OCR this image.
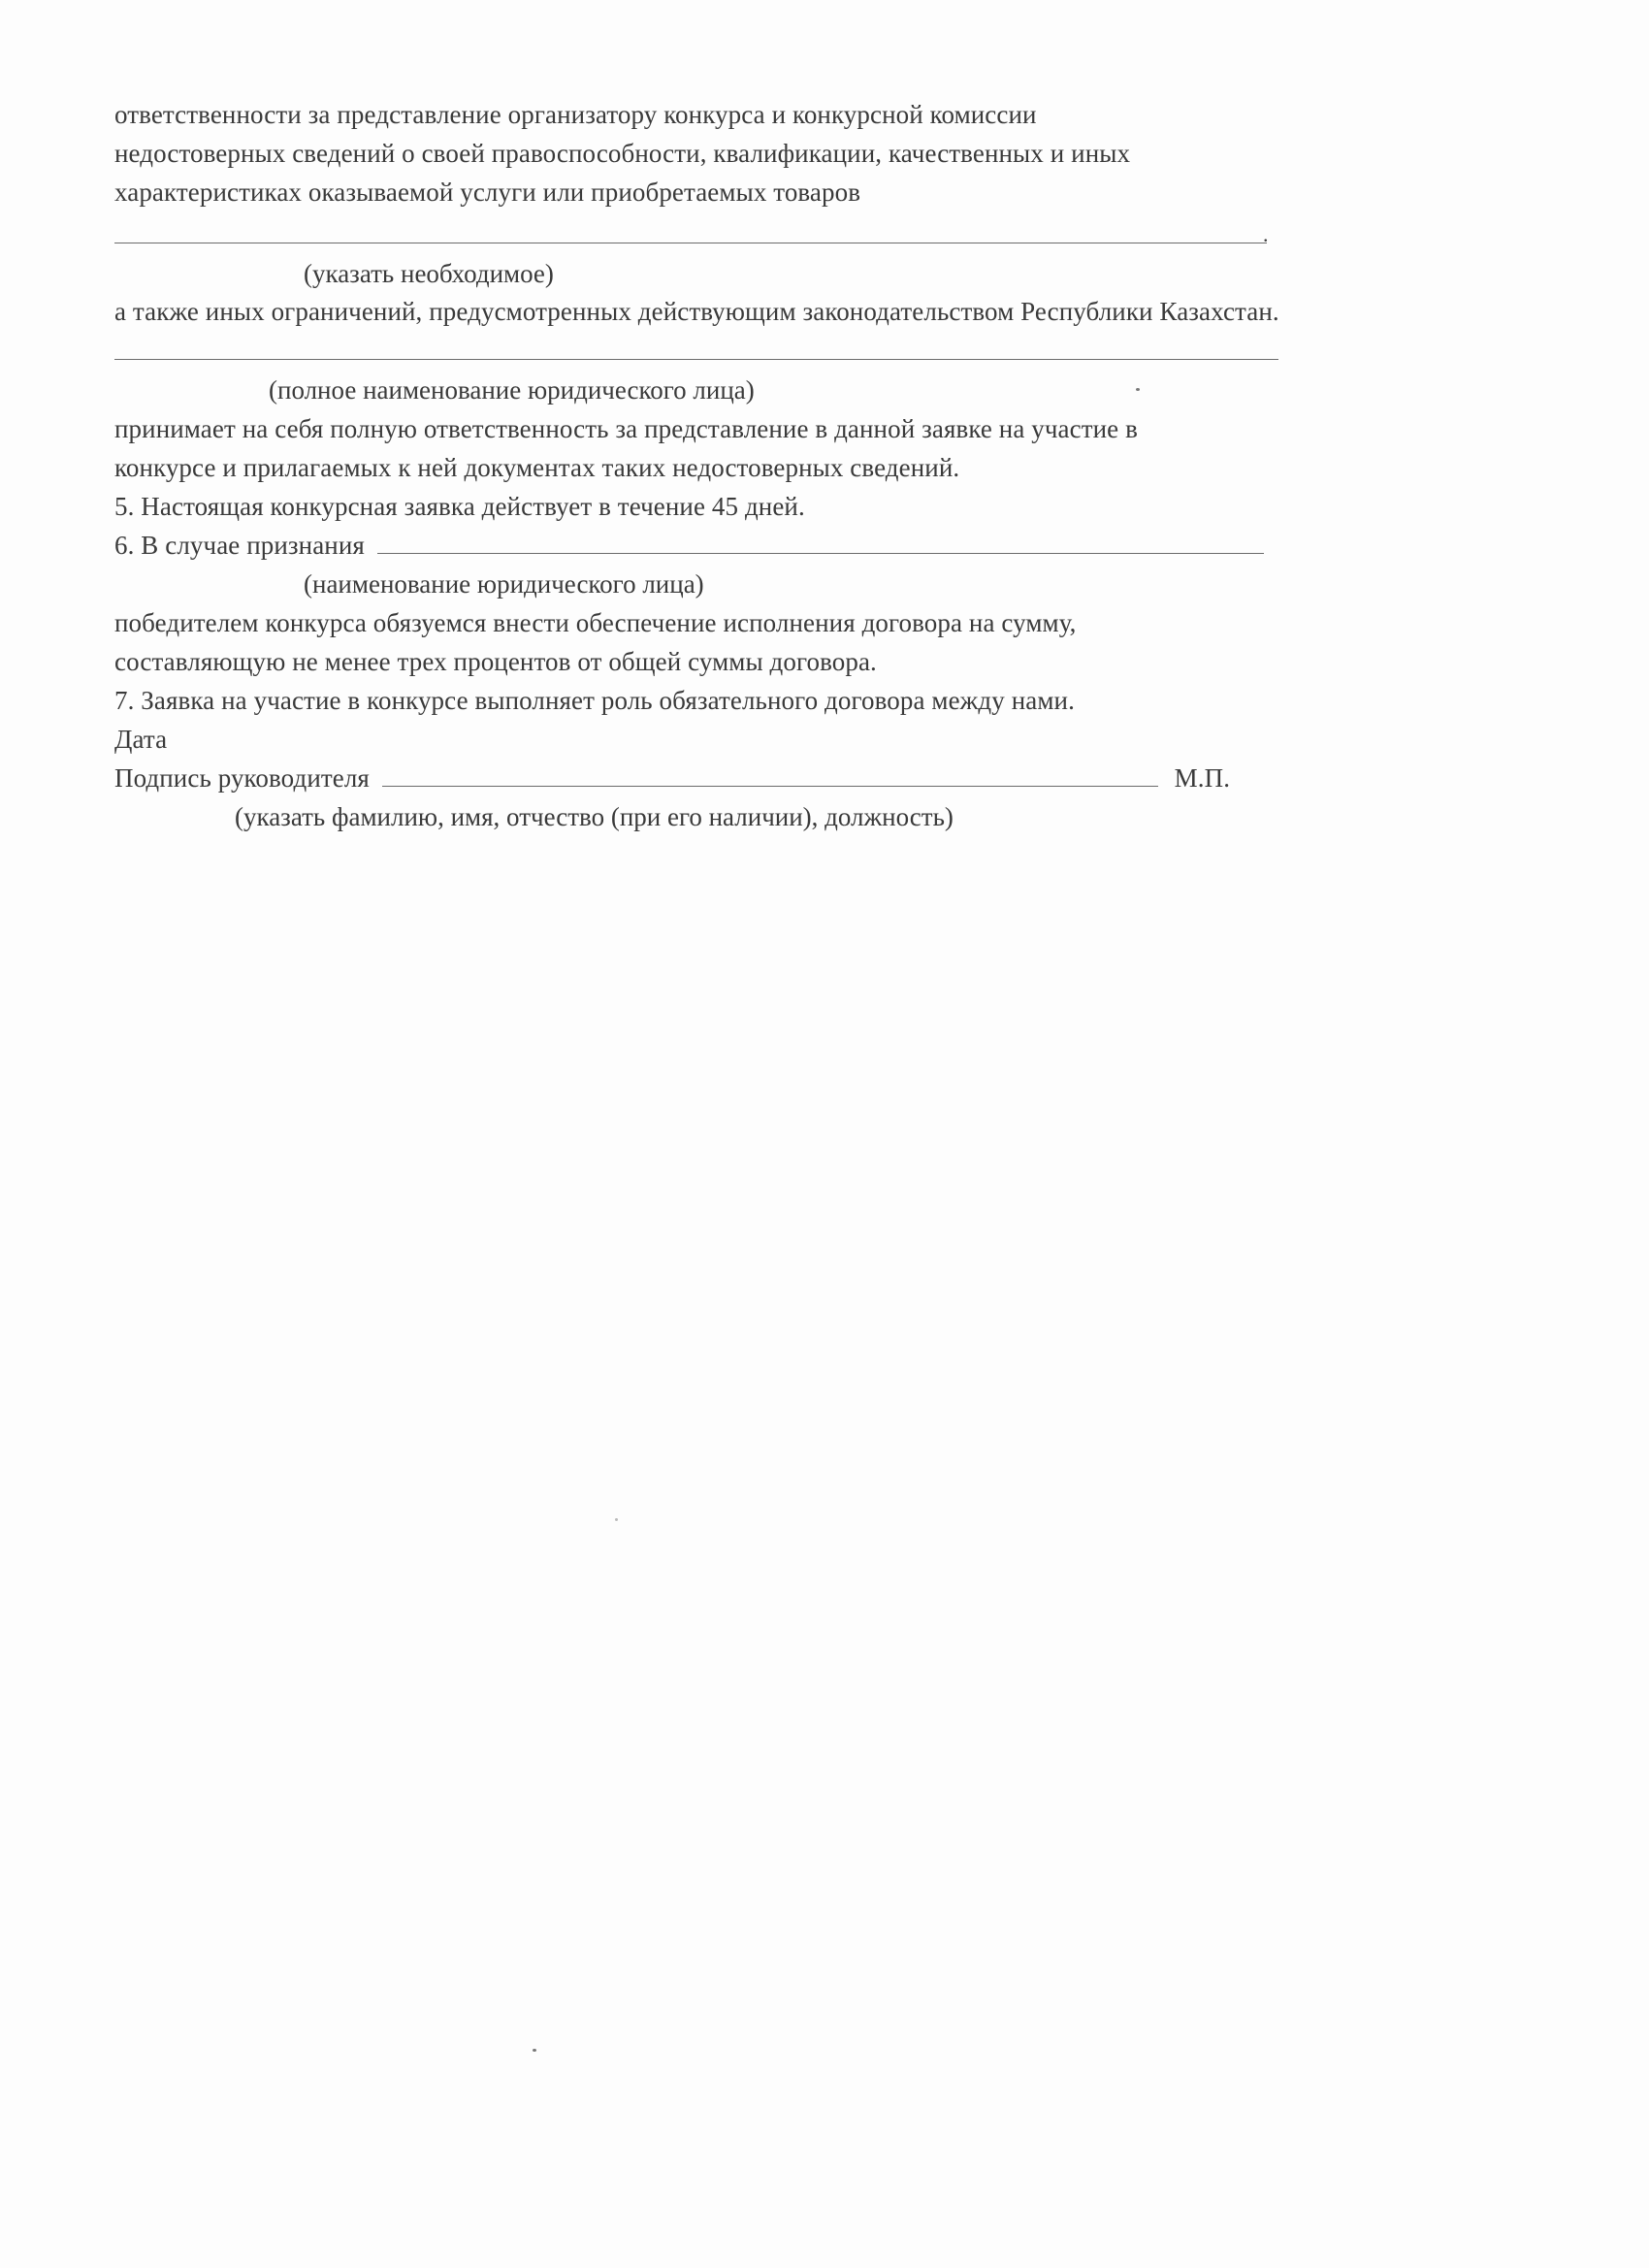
ответственности за представление организатору конкурса и конкурсной комиссии
недостоверных сведений о своей правоспособности, квалификации, качественных и иных
характеристиках оказываемой услуги или приобретаемых товаров
.
(указать необходимое)
а также иных ограничений, предусмотренных действующим законодательством Республики Казахстан.
(полное наименование юридического лица)
принимает на себя полную ответственность за представление в данной заявке на участие в
конкурсе и прилагаемых к ней документах таких недостоверных сведений.
5. Настоящая конкурсная заявка действует в течение 45 дней.
6. В случае признания
(наименование юридического лица)
победителем конкурса обязуемся внести обеспечение исполнения договора на сумму,
составляющую не менее трех процентов от общей суммы договора.
7. Заявка на участие в конкурсе выполняет роль обязательного договора между нами.
Дата
Подпись руководителя	М.П.
(указать фамилию, имя, отчество (при его наличии), должность)
